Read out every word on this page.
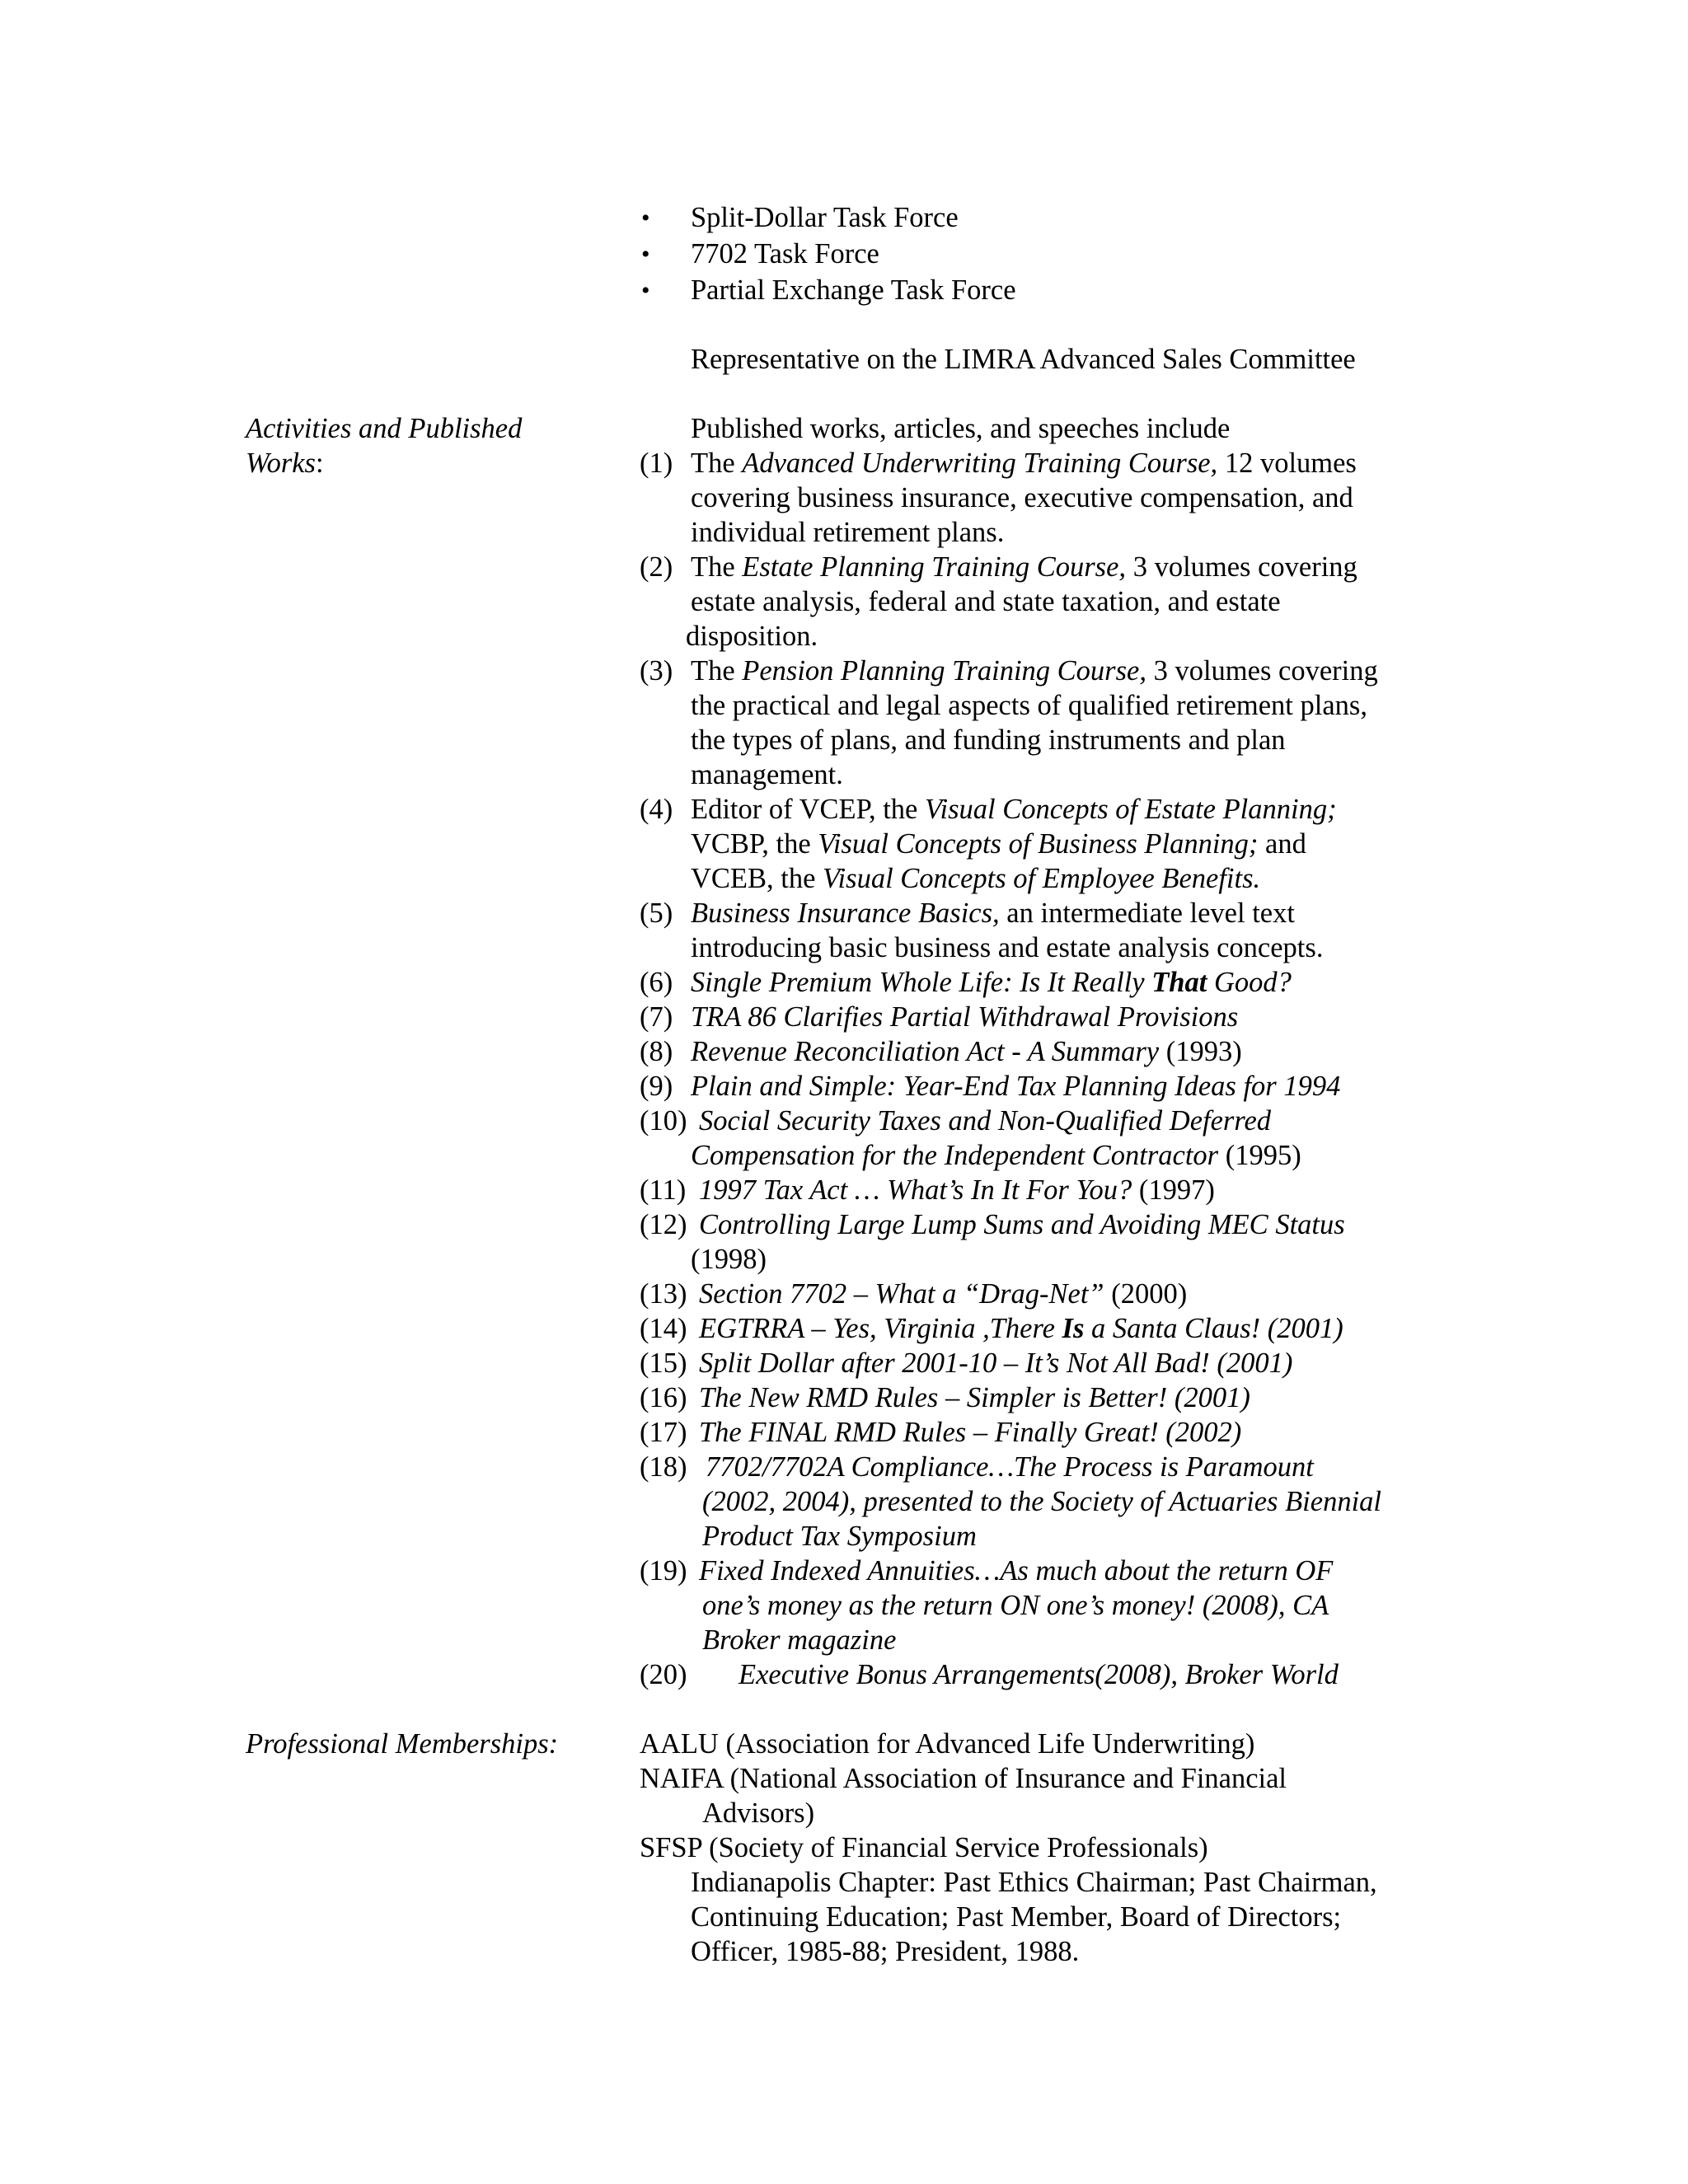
• Split-Dollar Task Force
• 7702 Task Force
• Partial Exchange Task Force
Representative on the LIMRA Advanced Sales Committee
Activities and Published
Works:
Published works, articles, and speeches include
(1) The Advanced Underwriting Training Course, 12 volumes
covering business insurance, executive compensation, and
individual retirement plans.
(2) The Estate Planning Training Course, 3 volumes covering
estate analysis, federal and state taxation, and estate
disposition.
(3) The Pension Planning Training Course, 3 volumes covering
the practical and legal aspects of qualified retirement plans,
the types of plans, and funding instruments and plan
management.
(4) Editor of VCEP, the Visual Concepts of Estate Planning;
VCBP, the Visual Concepts of Business Planning; and
VCEB, the Visual Concepts of Employee Benefits.
(5) Business Insurance Basics, an intermediate level text
introducing basic business and estate analysis concepts.
(6) Single Premium Whole Life: Is It Really That Good?
(7) TRA 86 Clarifies Partial Withdrawal Provisions
(8) Revenue Reconciliation Act - A Summary (1993)
(9) Plain and Simple: Year-End Tax Planning Ideas for 1994
(10) Social Security Taxes and Non-Qualified Deferred
Compensation for the Independent Contractor (1995)
(11) 1997 Tax Act … What’s In It For You? (1997)
(12) Controlling Large Lump Sums and Avoiding MEC Status
(1998)
(13) Section 7702 – What a “Drag-Net” (2000)
(14) EGTRRA – Yes, Virginia ,There Is a Santa Claus! (2001)
(15) Split Dollar after 2001-10 – It’s Not All Bad! (2001)
(16) The New RMD Rules – Simpler is Better! (2001)
(17) The FINAL RMD Rules – Finally Great! (2002)
(18) 7702/7702A Compliance…The Process is Paramount
(2002, 2004), presented to the Society of Actuaries Biennial
Product Tax Symposium
(19) Fixed Indexed Annuities…As much about the return OF
one’s money as the return ON one’s money! (2008), CA
Broker magazine
(20) Executive Bonus Arrangements(2008), Broker World
Professional Memberships:	AALU (Association for Advanced Life Underwriting)
NAIFA (National Association of Insurance and Financial
Advisors)
SFSP (Society of Financial Service Professionals)
Indianapolis Chapter: Past Ethics Chairman; Past Chairman,
Continuing Education; Past Member, Board of Directors;
Officer, 1985-88; President, 1988.
